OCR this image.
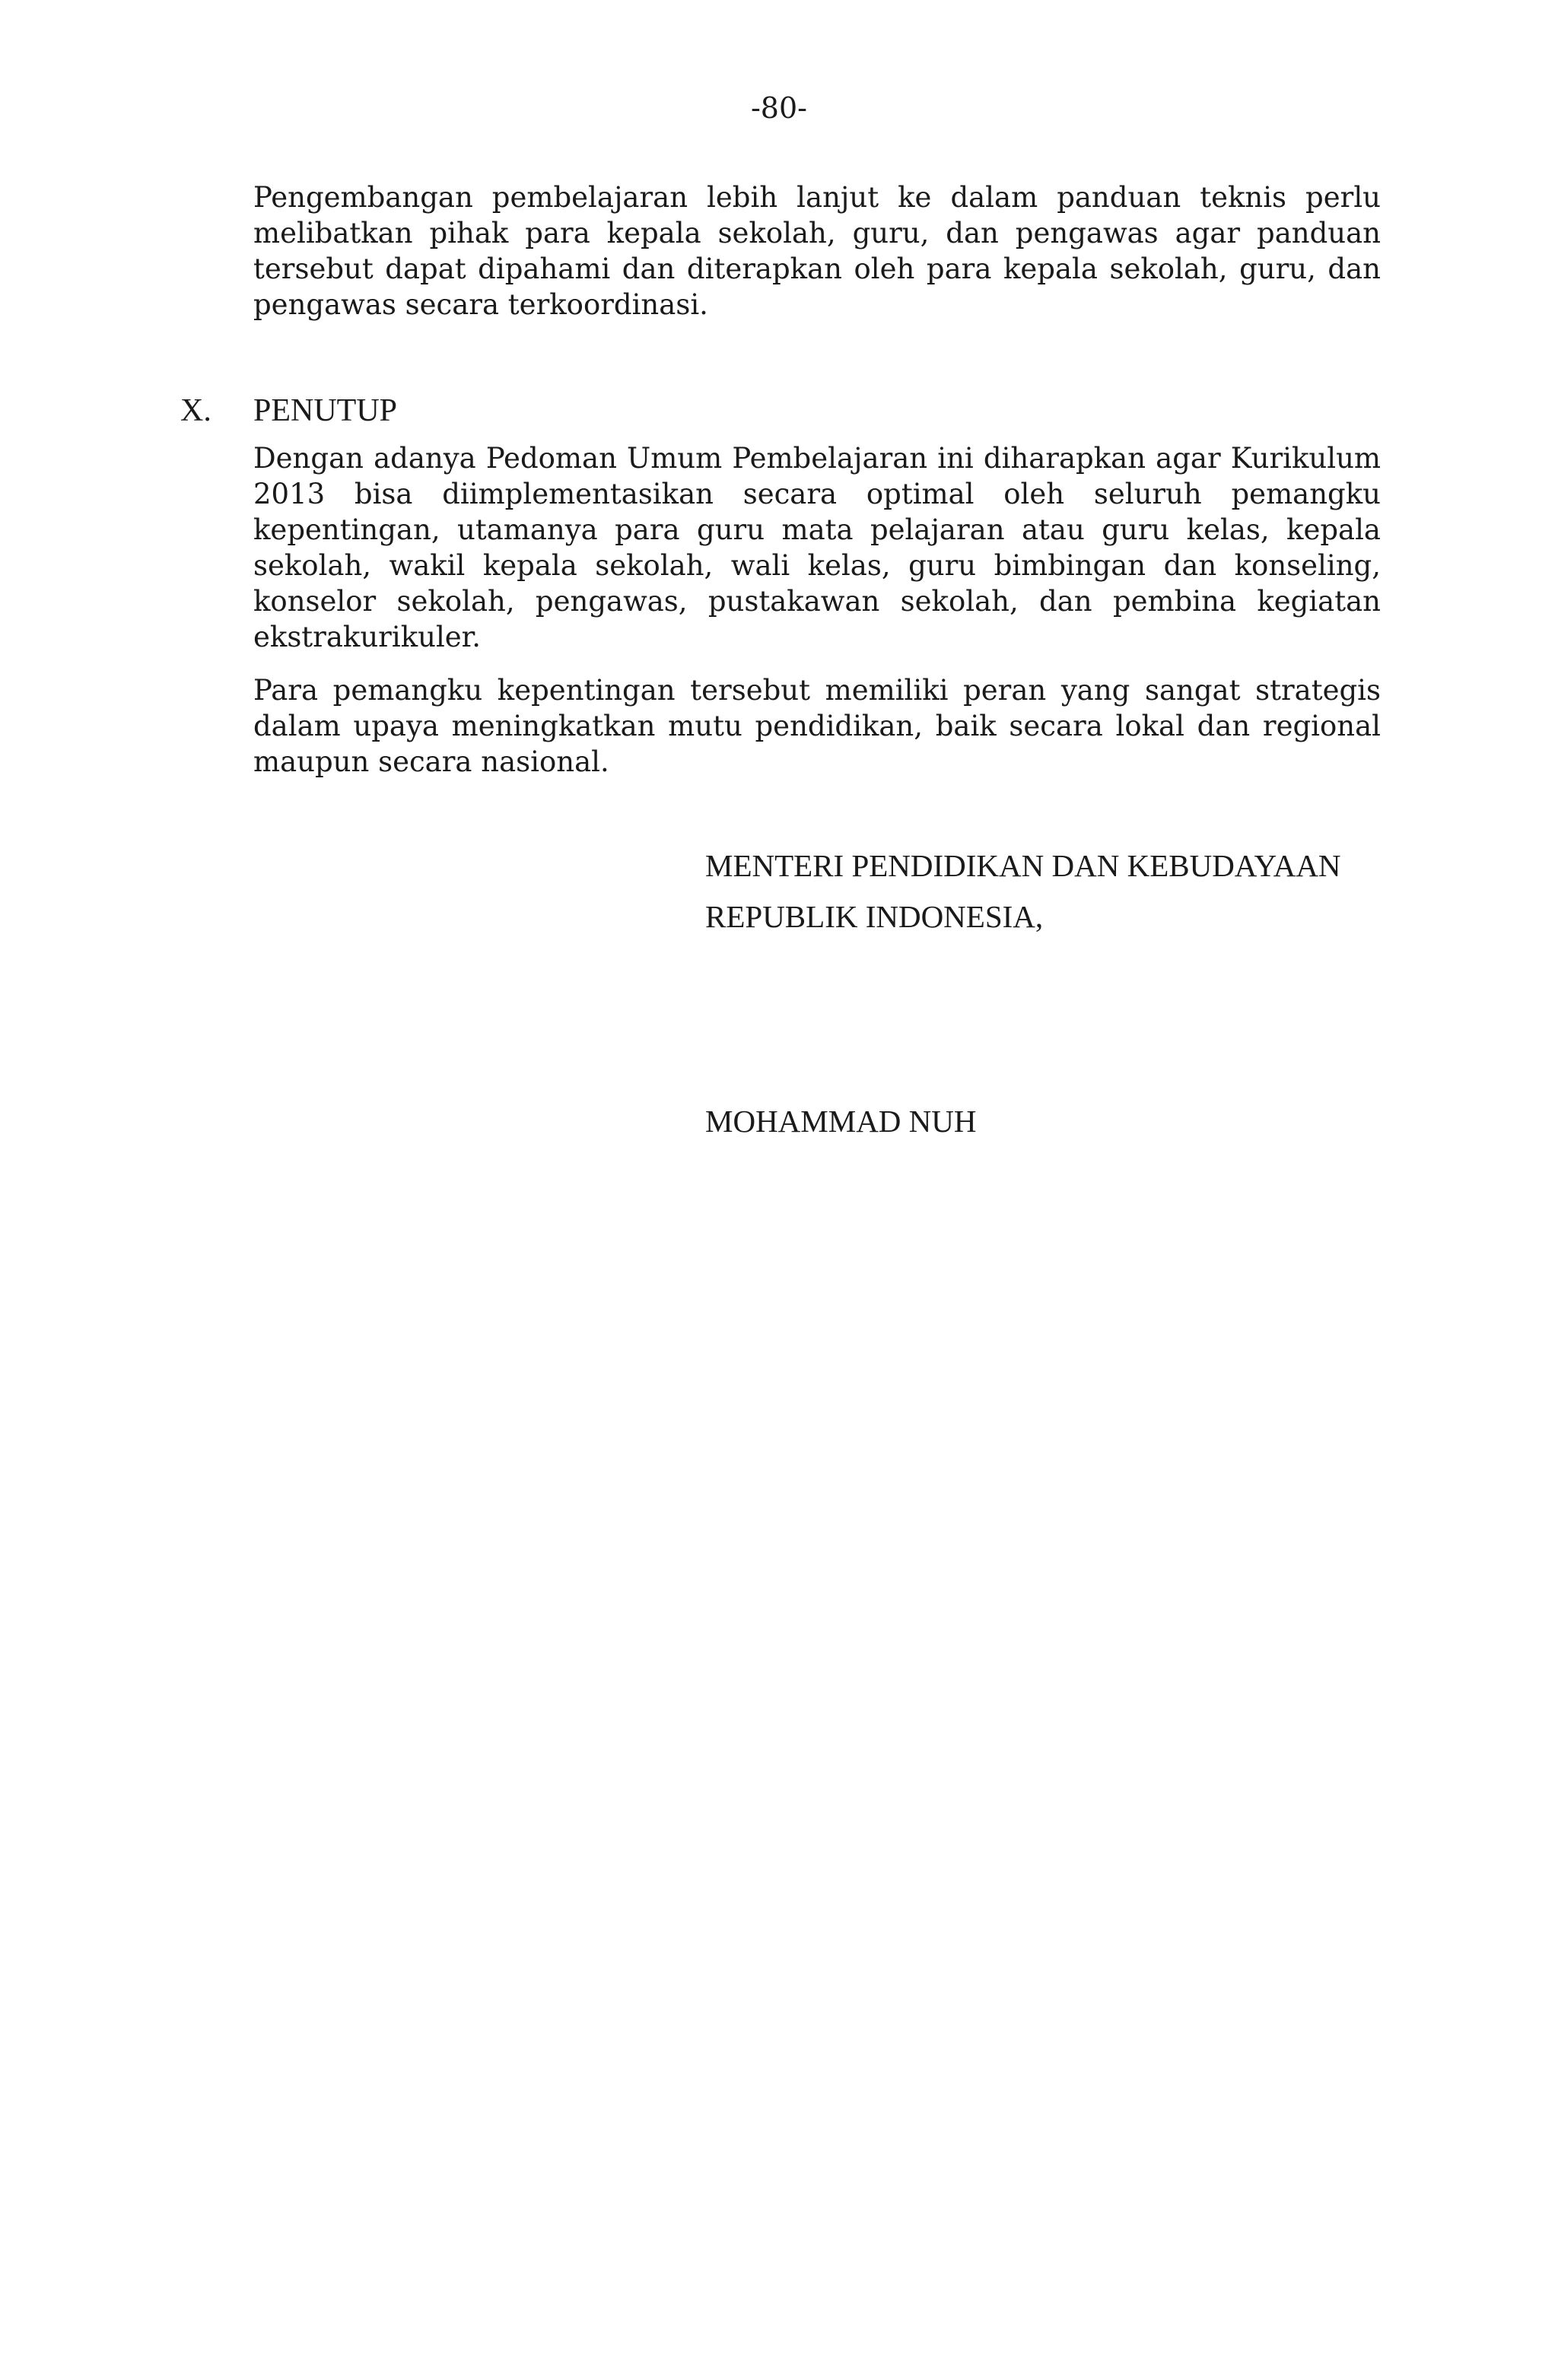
-80-

Pengembangan pembelajaran lebih lanjut ke dalam panduan teknis perlu melibatkan pihak para kepala sekolah, guru, dan pengawas agar panduan tersebut dapat dipahami dan diterapkan oleh para kepala sekolah, guru, dan pengawas secara terkoordinasi.

X. PENUTUP

Dengan adanya Pedoman Umum Pembelajaran ini diharapkan agar Kurikulum 2013 bisa diimplementasikan secara optimal oleh seluruh pemangku kepentingan, utamanya para guru mata pelajaran atau guru kelas, kepala sekolah, wakil kepala sekolah, wali kelas, guru bimbingan dan konseling, konselor sekolah, pengawas, pustakawan sekolah, dan pembina kegiatan ekstrakurikuler.

Para pemangku kepentingan tersebut memiliki peran yang sangat strategis dalam upaya meningkatkan mutu pendidikan, baik secara lokal dan regional maupun secara nasional.

MENTERI PENDIDIKAN DAN KEBUDAYAAN
REPUBLIK INDONESIA,
MOHAMMAD NUH
